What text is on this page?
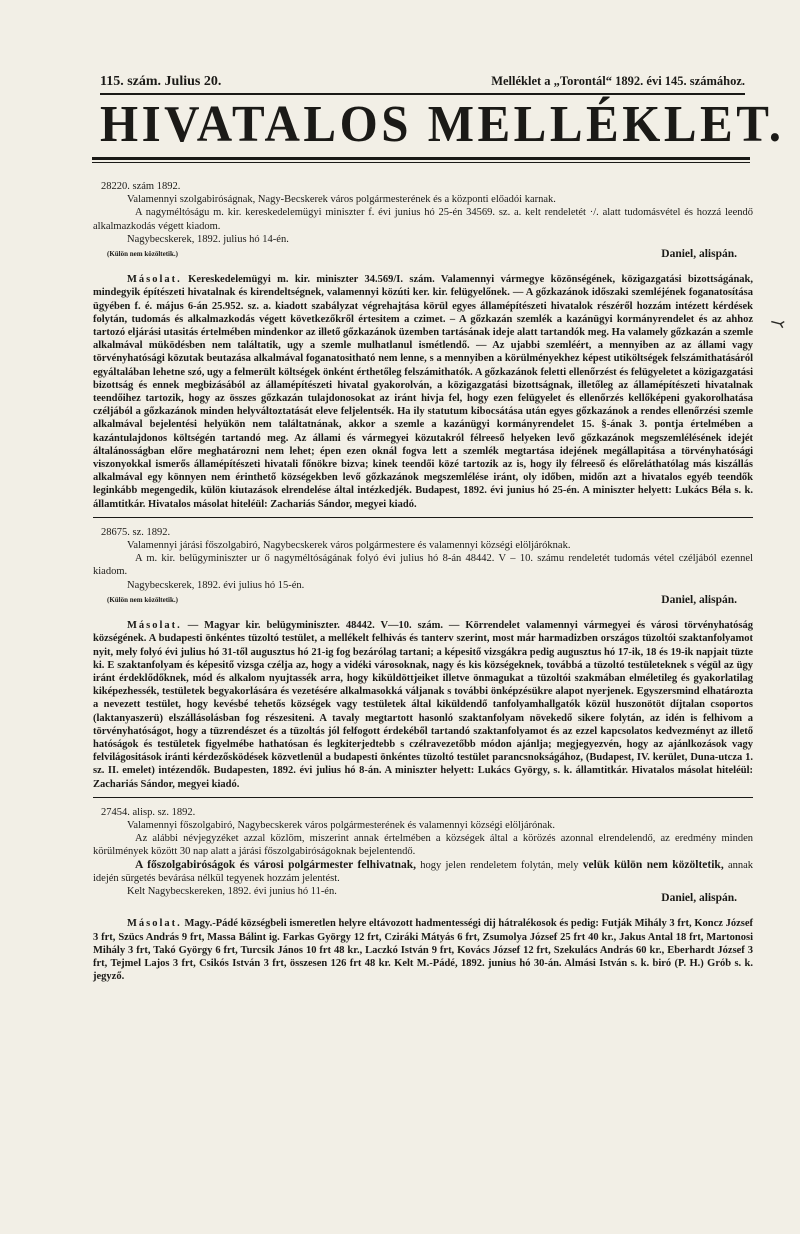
115. szám. Julius 20.	Melléklet a „Torontál“ 1892. évi 145. számához.
HIVATALOS MELLÉKLET.
⤙

28220. szám 1892.

Valamennyi szolgabiróságnak, Nagy-Becskerek város polgármesterének és a központi előadói karnak.

A nagyméltóságu m. kir. kereskedelemügyi miniszter f. évi junius hó 25-én 34569. sz. a. kelt rendeletét ·/. alatt tudomásvétel és hozzá leendő alkalmazkodás végett kiadom.

Nagybecskerek, 1892. julius hó 14-én.

(Külön nem közöltetik.)	Daniel, alispán.

Másolat. Kereskedelemügyi m. kir. miniszter 34.569/I. szám. Valamennyi vármegye közönségének, közigazgatási bizottságának, mindegyik építészeti hivatalnak és kirendeltségnek, valamennyi közúti ker. kir. felügyelőnek. — A gőzkazánok időszaki szemléjének foganatosítása ügyében f. é. május 6-án 25.952. sz. a. kiadott szabályzat végrehajtása körül egyes államépítészeti hivatalok részéről hozzám intézett kérdések folytán, tudomás és alkalmazkodás végett következőkről értesitem a czimet. – A gőzkazán szemlék a kazánügyi kormányrendelet és az ahhoz tartozó eljárási utasitás értelmében mindenkor az illető gőzkazánok üzemben tartásának ideje alatt tartandók meg. Ha valamely gőzkazán a szemle alkalmával müködésben nem találtatik, ugy a szemle mulhatlanul ismétlendő. — Az ujabbi szemléért, a mennyiben az az állami vagy törvényhatósági közutak beutazása alkalmával foganatositható nem lenne, s a mennyiben a körülményekhez képest utiköltségek felszámithatásáról egyáltalában lehetne szó, ugy a felmerült költségek önként érthetőleg felszámithatók. A gőzkazánok feletti ellenőrzést és felügyeletet a közigazgatási bizottság és ennek megbizásából az államépítészeti hivatal gyakorolván, a közigazgatási bizottságnak, illetőleg az államépítészeti hivatalnak teendőihez tartozik, hogy az összes gőzkazán tulajdonosokat az iránt hivja fel, hogy ezen felügyelet és ellenőrzés kellőképeni gyakorolhatása czéljából a gőzkazánok minden helyváltoztatását eleve feljelentsék. Ha ily statutum kibocsátása után egyes gőzkazánok a rendes ellenőrzési szemle alkalmával bejelentési helyükön nem találtatnának, akkor a szemle a kazánügyi kormányrendelet 15. §-ának 3. pontja értelmében a kazántulajdonos költségén tartandó meg. Az állami és vármegyei közutakról félreeső helyeken levő gőzkazánok megszemlélésének idejét általánosságban előre meghatározni nem lehet; épen ezen oknál fogva lett a szemlék megtartása idejének megállapitása a törvényhatósági viszonyokkal ismerős államépítészeti hivatali főnökre bizva; kinek teendői közé tartozik az is, hogy ily félreeső és előreláthatólag más kiszállás alkalmával egy könnyen nem érinthető községekben levő gőzkazánok megszemlélése iránt, oly időben, midőn azt a hivatalos egyéb teendők leginkább megengedik, külön kiutazások elrendelése által intézkedjék. Budapest, 1892. évi junius hó 25-én. A miniszter helyett: Lukács Béla s. k. államtitkár. Hivatalos másolat hiteléül: Zachariás Sándor, megyei kiadó.

28675. sz. 1892.

Valamennyi járási főszolgabiró, Nagybecskerek város polgármestere és valamennyi községi elöljáróknak.

A m. kir. belügyminiszter ur ő nagyméltóságának folyó évi julius hó 8-án 48442. V – 10. számu rendeletét tudomás vétel czéljából ezennel kiadom.

Nagybecskerek, 1892. évi julius hó 15-én.

(Külön nem közöltetik.)	Daniel, alispán.

Másolat. — Magyar kir. belügyminiszter. 48442. V—10. szám. — Körrendelet valamennyi vármegyei és városi törvényhatóság községének. A budapesti önkéntes tüzoltó testület, a mellékelt felhivás és tanterv szerint, most már harmadizben országos tüzoltói szaktanfolyamot nyit, mely folyó évi julius hó 31-től augusztus hó 21-ig fog bezárólag tartani; a képesitő vizsgákra pedig augusztus hó 17-ik, 18 és 19-ik napjait tüzte ki. E szaktanfolyam és képesitő vizsga czélja az, hogy a vidéki városoknak, nagy és kis községeknek, továbbá a tüzoltó testületeknek s végül az ügy iránt érdeklődőknek, mód és alkalom nyujtassék arra, hogy kiküldöttjeiket illetve önmagukat a tüzoltói szakmában elméletileg és gyakorlatilag kiképezhessék, testületek begyakorlására és vezetésére alkalmasokká váljanak s további önképzésükre alapot nyerjenek. Egyszersmind elhatározta a nevezett testület, hogy kevésbé tehetős községek vagy testületek által kiküldendő tanfolyamhallgatók közül huszonötöt díjtalan csoportos (laktanyaszerü) elszállásolásban fog részesiteni. A tavaly megtartott hasonló szaktanfolyam növekedő sikere folytán, az idén is felhivom a törvényhatóságot, hogy a tüzrendészet és a tüzoltás jól felfogott érdekéből tartandó szaktanfolyamot és az ezzel kapcsolatos kedvezményt az illető hatóságok és testületek figyelmébe hathatósan és legkiterjedtebb s czélravezetőbb módon ajánlja; megjegyezvén, hogy az ajánlkozások vagy felvilágositások iránti kérdezősködések közvetlenül a budapesti önkéntes tüzoltó testület parancsnokságához, (Budapest, IV. kerület, Duna-utcza 1. sz. II. emelet) intézendők. Budapesten, 1892. évi julius hó 8-án. A miniszter helyett: Lukács György, s. k. államtitkár. Hivatalos másolat hiteléül: Zachariás Sándor, megyei kiadó.

27454. alisp. sz. 1892.

Valamennyi főszolgabiró, Nagybecskerek város polgármesterének és valamennyi községi elöljárónak.

Az alábbi névjegyzéket azzal közlöm, miszerint annak értelmében a községek által a körözés azonnal elrendelendő, az eredmény minden körülmények között 30 nap alatt a járási főszolgabiróságoknak bejelentendő.

A főszolgabiróságok és városi polgármester felhivatnak, hogy jelen rendeletem folytán, mely velük külön nem közöltetik, annak idején sürgetés bevárása nélkül tegyenek hozzám jelentést.

Kelt Nagybecskereken, 1892. évi junius hó 11-én.

Daniel, alispán.

Másolat. Magy.-Pádé községbeli ismeretlen helyre eltávozott hadmentességi dij hátralékosok és pedig: Futják Mihály 3 frt, Koncz József 3 frt, Szücs András 9 frt, Massa Bálint ig. Farkas György 12 frt, Cziráki Mátyás 6 frt, Zsumolya József 25 frt 40 kr., Jakus Antal 18 frt, Martonosi Mihály 3 frt, Takó György 6 frt, Turcsik János 10 frt 48 kr., Laczkó István 9 frt, Kovács József 12 frt, Szekulács András 60 kr., Eberhardt József 3 frt, Tejmel Lajos 3 frt, Csikós István 3 frt, összesen 126 frt 48 kr. Kelt M.-Pádé, 1892. junius hó 30-án. Almási István s. k. biró (P. H.) Grób s. k. jegyző.
